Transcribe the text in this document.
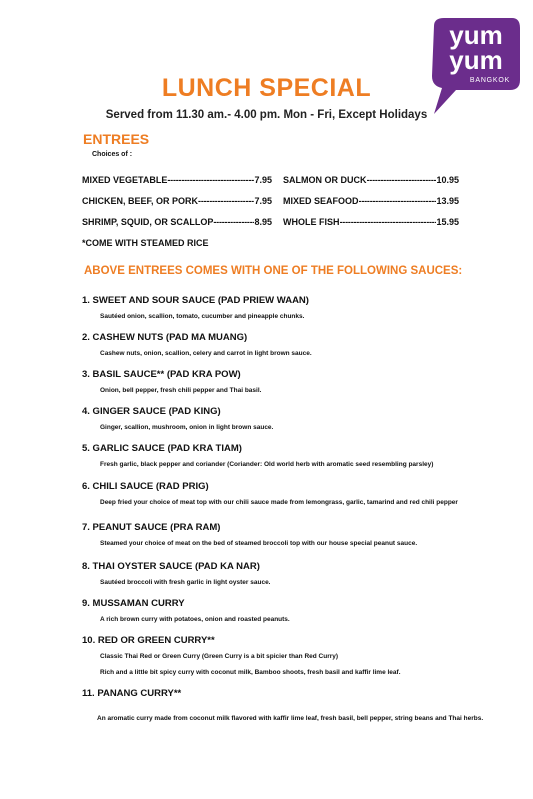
yum
yum
BANGKOK
LUNCH SPECIAL
Served from 11.30 am.- 4.00 pm. Mon - Fri, Except Holidays
ENTREES
Choices of :
MIXED VEGETABLE -----	7.95
CHICKEN, BEEF, OR PORK -----	7.95
SHRIMP, SQUID, OR SCALLOP -----	8.95
SALMON OR DUCK -----	10.95
MIXED SEAFOOD -----	13.95
WHOLE FISH -----	15.95
*COME WITH STEAMED RICE
ABOVE ENTREES COMES WITH ONE OF THE FOLLOWING SAUCES:
1. SWEET AND SOUR SAUCE (PAD PRIEW WAAN)
Sautéed onion, scallion, tomato, cucumber and pineapple chunks.
2. CASHEW NUTS (PAD MA MUANG)
Cashew nuts, onion, scallion, celery and carrot in light brown sauce.
3. BASIL SAUCE** (PAD KRA POW)
Onion, bell pepper, fresh chili pepper and Thai basil.
4. GINGER SAUCE (PAD KING)
Ginger, scallion, mushroom, onion in light brown sauce.
5. GARLIC SAUCE (PAD KRA TIAM)
Fresh garlic, black pepper and coriander (Coriander: Old world herb with aromatic seed resembling parsley)
6. CHILI SAUCE (RAD PRIG)
Deep fried your choice of meat top with our chili sauce made from lemongrass, garlic, tamarind and red chili pepper
7. PEANUT SAUCE (PRA RAM)
Steamed your choice of meat on the bed of steamed broccoli top with our house special peanut sauce.
8. THAI OYSTER SAUCE (PAD KA NAR)
Sautéed broccoli with fresh garlic in light oyster sauce.
9. MUSSAMAN CURRY
A rich brown curry with potatoes, onion and roasted peanuts.
10. RED OR GREEN CURRY**
Classic Thai Red or Green Curry (Green Curry is a bit spicier than Red Curry)
Rich and a little bit spicy curry with coconut milk, Bamboo shoots, fresh basil and kaffir lime leaf.
11. PANANG CURRY**
An aromatic curry made from coconut milk flavored with kaffir lime leaf, fresh basil, bell pepper, string beans and Thai herbs.
